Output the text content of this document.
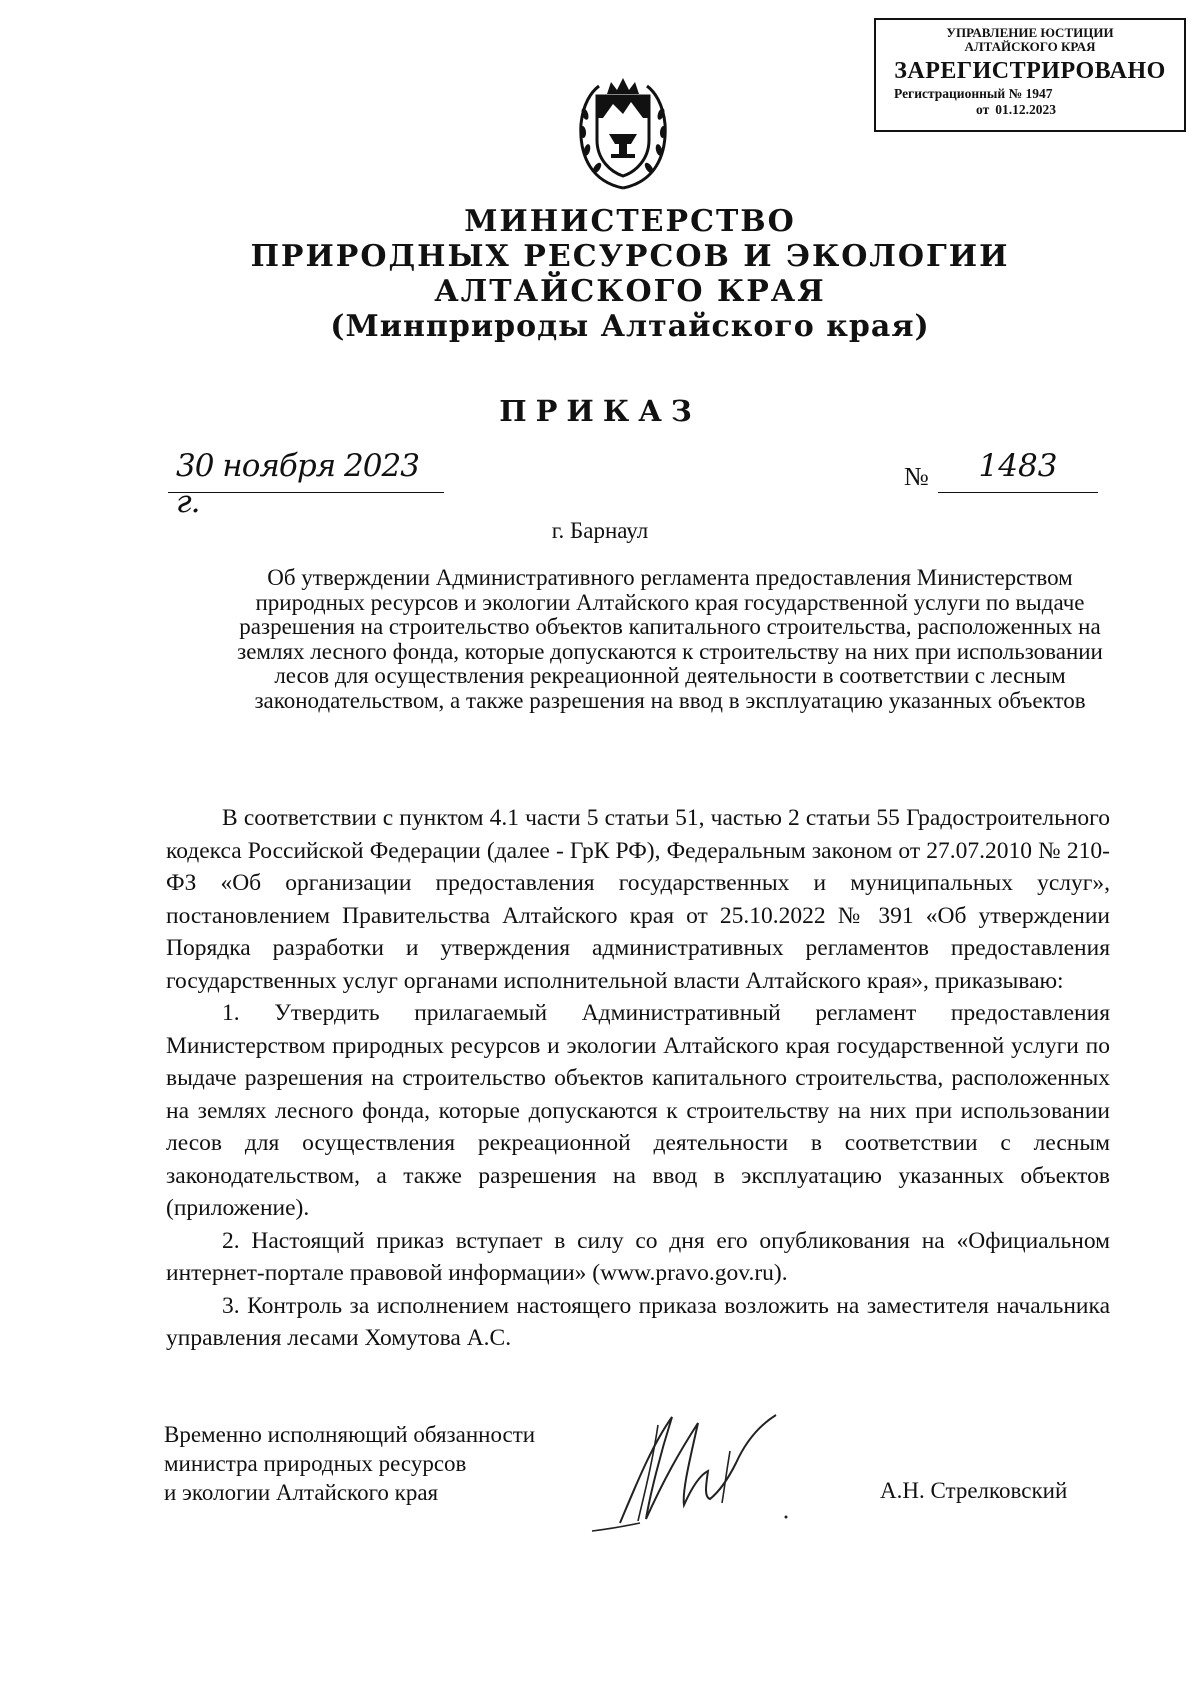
УПРАВЛЕНИЕ ЮСТИЦИИ
АЛТАЙСКОГО КРАЯ
ЗАРЕГИСТРИРОВАНО
Регистрационный № 1947
от 01.12.2023
МИНИСТЕРСТВО
ПРИРОДНЫХ РЕСУРСОВ И ЭКОЛОГИИ
АЛТАЙСКОГО КРАЯ
(Минприроды Алтайского края)
ПРИКАЗ
30 ноября 2023 г.
№	1483
г. Барнаул
Об утверждении Административного регламента предоставления Министерством природных ресурсов и экологии Алтайского края государственной услуги по выдаче разрешения на строительство объектов капитального строительства, расположенных на землях лесного фонда, которые допускаются к строительству на них при использовании лесов для осуществления рекреационной деятельности в соответствии с лесным законодательством, а также разрешения на ввод в эксплуатацию указанных объектов

В соответствии с пунктом 4.1 части 5 статьи 51, частью 2 статьи 55 Градостроительного кодекса Российской Федерации (далее - ГрК РФ), Федеральным законом от 27.07.2010 № 210-ФЗ «Об организации предоставления государственных и муниципальных услуг», постановлением Правительства Алтайского края от 25.10.2022 № 391 «Об утверждении Порядка разработки и утверждения административных регламентов предоставления государственных услуг органами исполнительной власти Алтайского края», приказываю:

1. Утвердить прилагаемый Административный регламент предоставления Министерством природных ресурсов и экологии Алтайского края государственной услуги по выдаче разрешения на строительство объектов капитального строительства, расположенных на землях лесного фонда, которые допускаются к строительству на них при использовании лесов для осуществления рекреационной деятельности в соответствии с лесным законодательством, а также разрешения на ввод в эксплуатацию указанных объектов (приложение).

2. Настоящий приказ вступает в силу со дня его опубликования на «Официальном интернет-портале правовой информации» (www.pravo.gov.ru).

3. Контроль за исполнением настоящего приказа возложить на заместителя начальника управления лесами Хомутова А.С.

Временно исполняющий обязанности
министра природных ресурсов
и экологии Алтайского края	А.Н. Стрелковский
